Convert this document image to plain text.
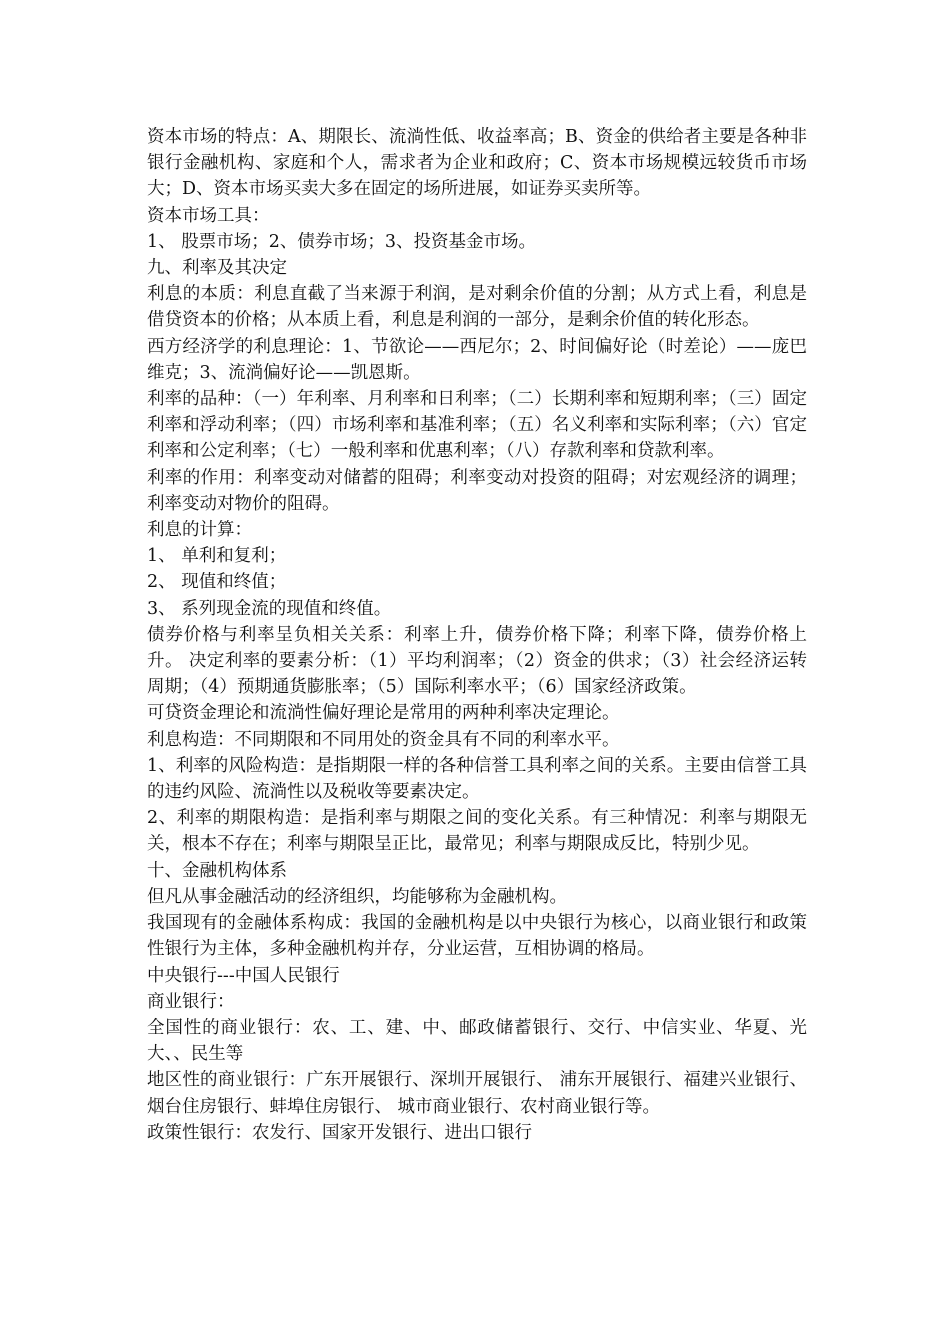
资本市场的特点：A、期限长、流淌性低、收益率高；B、资金的供给者主要是各种非银行金融机构、家庭和个人，需求者为企业和政府；C、资本市场规模远较货币市场大；D、资本市场买卖大多在固定的场所进展，如证券买卖所等。

资本市场工具：

1、 股票市场；2、债券市场；3、投资基金市场。

九、利率及其决定

利息的本质：利息直截了当来源于利润，是对剩余价值的分割；从方式上看，利息是借贷资本的价格；从本质上看，利息是利润的一部分，是剩余价值的转化形态。

西方经济学的利息理论：1、节欲论——西尼尔；2、时间偏好论（时差论）——庞巴维克；3、流淌偏好论——凯恩斯。

利率的品种：（一）年利率、月利率和日利率；（二）长期利率和短期利率；（三）固定利率和浮动利率；（四）市场利率和基准利率；（五）名义利率和实际利率；（六）官定利率和公定利率；（七）一般利率和优惠利率；（八）存款利率和贷款利率。

利率的作用：利率变动对储蓄的阻碍；利率变动对投资的阻碍；对宏观经济的调理；利率变动对物价的阻碍。

利息的计算：

1、 单利和复利；

2、 现值和终值；

3、 系列现金流的现值和终值。

债券价格与利率呈负相关关系：利率上升，债券价格下降；利率下降，债券价格上升。 决定利率的要素分析：（1）平均利润率；（2）资金的供求；（3）社会经济运转周期；（4）预期通货膨胀率；（5）国际利率水平；（6）国家经济政策。

可贷资金理论和流淌性偏好理论是常用的两种利率决定理论。

利息构造：不同期限和不同用处的资金具有不同的利率水平。

1、利率的风险构造：是指期限一样的各种信誉工具利率之间的关系。主要由信誉工具的违约风险、流淌性以及税收等要素决定。

2、利率的期限构造：是指利率与期限之间的变化关系。有三种情况：利率与期限无关，根本不存在；利率与期限呈正比，最常见；利率与期限成反比，特别少见。

十、金融机构体系

但凡从事金融活动的经济组织，均能够称为金融机构。

我国现有的金融体系构成：我国的金融机构是以中央银行为核心，以商业银行和政策性银行为主体，多种金融机构并存，分业运营，互相协调的格局。

中央银行---中国人民银行

商业银行：

全国性的商业银行：农、工、建、中、邮政储蓄银行、交行、中信实业、华夏、光大、、民生等

地区性的商业银行：广东开展银行、深圳开展银行、 浦东开展银行、福建兴业银行、烟台住房银行、蚌埠住房银行、 城市商业银行、农村商业银行等。

政策性银行：农发行、国家开发银行、进出口银行
